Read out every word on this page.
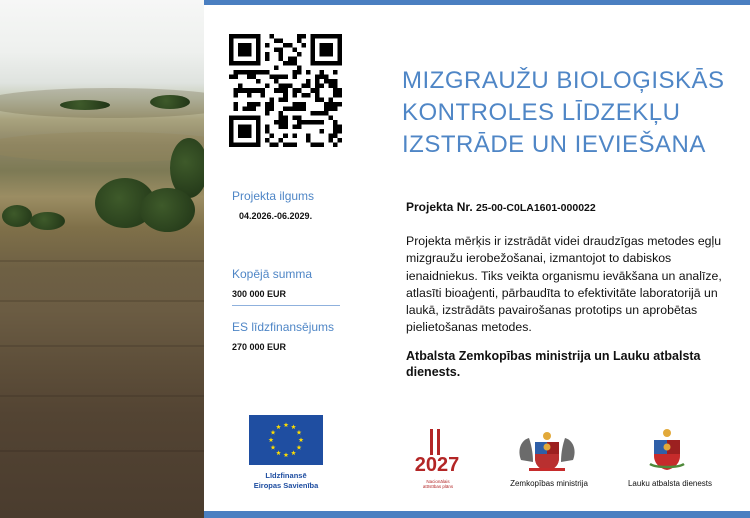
MIZGRAUŽU BIOLOĢISKĀS
KONTROLES LĪDZEKĻU
IZSTRĀDE UN IEVIEŠANA
Projekta ilgums
04.2026.-06.2029.
Kopējā summa
300 000 EUR
ES līdzfinansējums
270 000 EUR
Projekta Nr. 25-00-C0LA1601-000022
Projekta mērķis ir izstrādāt videi draudzīgas metodes egļu mizgraužu ierobežošanai, izmantojot to dabiskos ienaidniekus. Tiks veikta organismu ievākšana un analīze, atlasīti bioaģenti, pārbaudīta to efektivitāte laboratorijā un laukā, izstrādāts pavairošanas prototips un aprobētas pielietošanas metodes.
Atbalsta Zemkopības ministrija un Lauku atbalsta dienests.
Līdzfinansē
Eiropas Savienība
2027
Nacionālais
attīstības plāns	Zemkopības ministrija	Lauku atbalsta dienests
